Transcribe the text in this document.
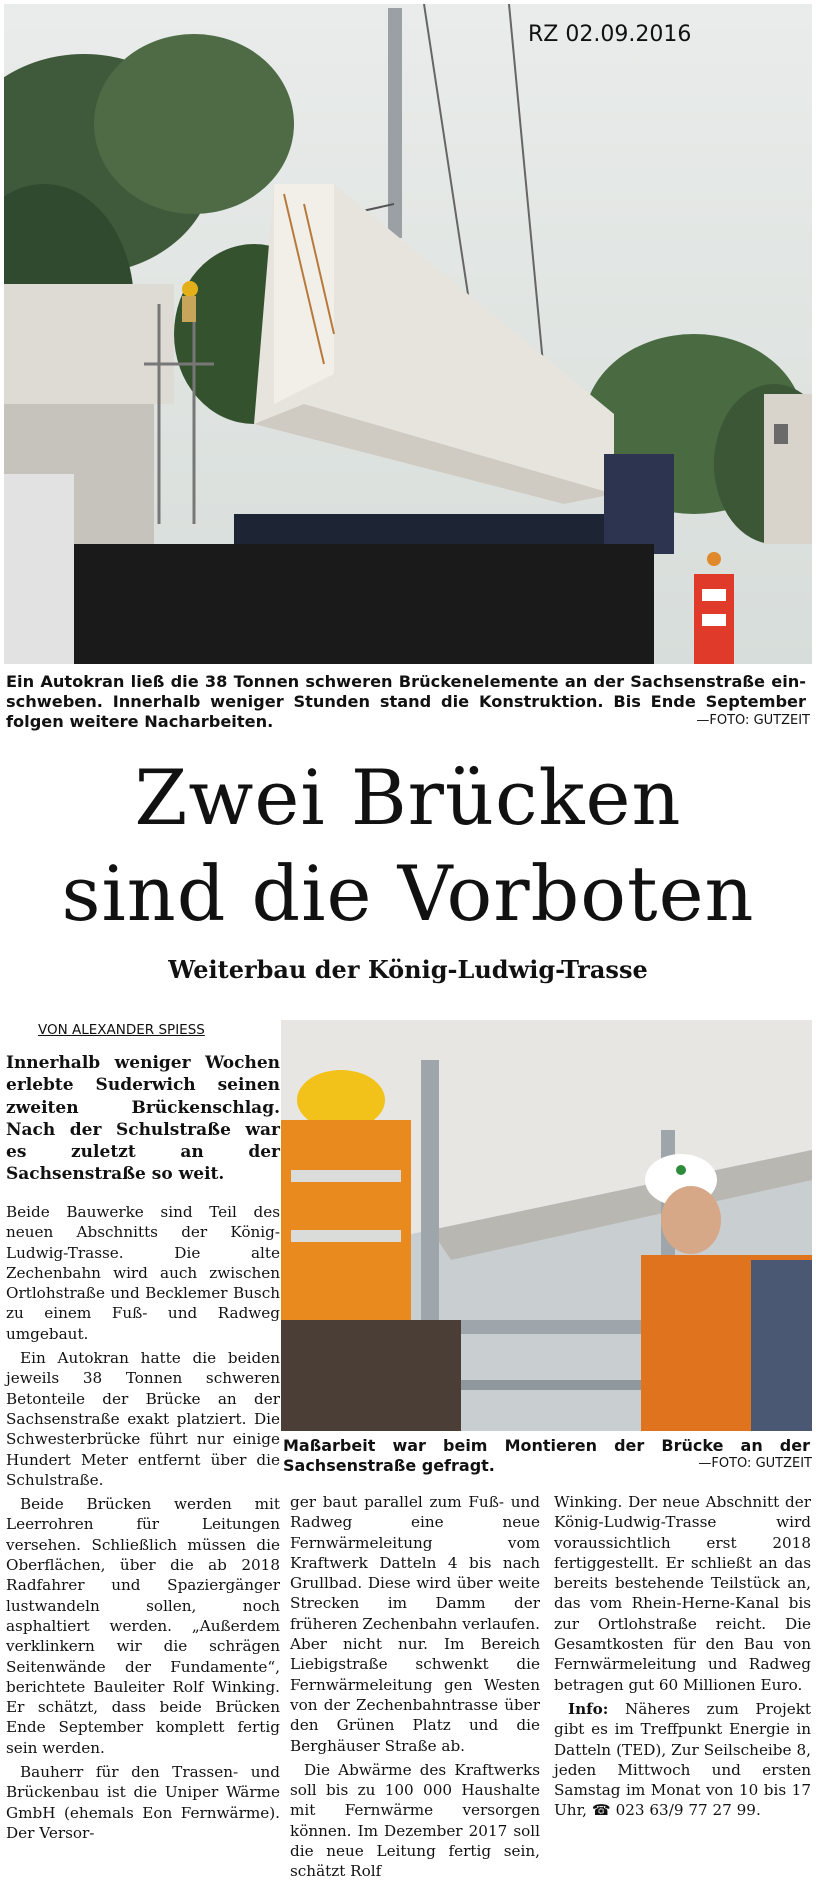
RZ 02.09.2016
Ein Autokran ließ die 38 Tonnen schweren Brückenelemente an der Sachsenstraße ein-schweben. Innerhalb weniger Stunden stand die Konstruktion. Bis Ende September folgen weitere Nacharbeiten.	—FOTO: GUTZEIT
Zwei Brücken
sind die Vorboten
Weiterbau der König-Ludwig-Trasse
VON ALEXANDER SPIESS
Innerhalb weniger Wochen erlebte Suderwich seinen zweiten Brückenschlag. Nach der Schulstraße war es zuletzt an der Sachsenstraße so weit.

Beide Bauwerke sind Teil des neuen Abschnitts der König-Ludwig-Trasse. Die alte Zechenbahn wird auch zwischen Ortlohstraße und Becklemer Busch zu einem Fuß- und Radweg umgebaut.

Ein Autokran hatte die beiden jeweils 38 Tonnen schweren Betonteile der Brücke an der Sachsenstraße exakt platziert. Die Schwesterbrücke führt nur einige Hundert Meter entfernt über die Schulstraße.

Beide Brücken werden mit Leerrohren für Leitungen versehen. Schließlich müssen die Oberflächen, über die ab 2018 Radfahrer und Spaziergänger lustwandeln sollen, noch asphaltiert werden. „Außerdem verklinkern wir die schrägen Seitenwände der Fundamente“, berichtete Bauleiter Rolf Winking. Er schätzt, dass beide Brücken Ende September komplett fertig sein werden.

Bauherr für den Trassen- und Brückenbau ist die Uniper Wärme GmbH (ehemals Eon Fernwärme). Der Versor-

Maßarbeit war beim Montieren der Brücke an der Sachsenstraße gefragt.	—FOTO: GUTZEIT

ger baut parallel zum Fuß- und Radweg eine neue Fernwärmeleitung vom Kraftwerk Datteln 4 bis nach Grullbad. Diese wird über weite Strecken im Damm der früheren Zechenbahn verlaufen. Aber nicht nur. Im Bereich Liebigstraße schwenkt die Fernwärmeleitung gen Westen von der Zechenbahntrasse über den Grünen Platz und die Berghäuser Straße ab.

Die Abwärme des Kraftwerks soll bis zu 100 000 Haushalte mit Fernwärme versorgen können. Im Dezember 2017 soll die neue Leitung fertig sein, schätzt Rolf

Winking. Der neue Abschnitt der König-Ludwig-Trasse wird voraussichtlich erst 2018 fertiggestellt. Er schließt an das bereits bestehende Teilstück an, das vom Rhein-Herne-Kanal bis zur Ortlohstraße reicht. Die Gesamtkosten für den Bau von Fernwärmeleitung und Radweg betragen gut 60 Millionen Euro.

Info: Näheres zum Projekt gibt es im Treffpunkt Energie in Datteln (TED), Zur Seilscheibe 8, jeden Mittwoch und ersten Samstag im Monat von 10 bis 17 Uhr, ☎ 023 63/9 77 27 99.
